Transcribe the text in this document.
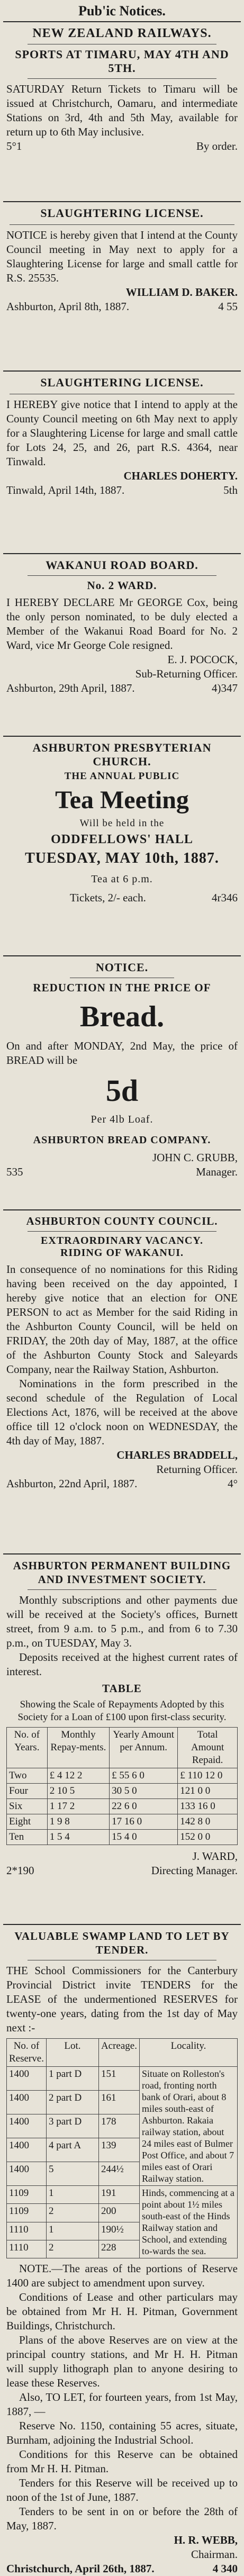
Pub'ic Notices.
NEW ZEALAND RAILWAYS.
SPORTS AT TIMARU, MAY 4TH AND 5TH.

SATURDAY Return Tickets to Timaru will be issued at Christchurch, Oamaru, and intermediate Stations on 3rd, 4th and 5th May, available for return up to 6th May inclusive.

5°1	By order.
SLAUGHTERING LICENSE.

NOTICE is hereby given that I intend at the County Council meeting in May next to apply for a Slaughtering License for large and small cattle for R.S. 25535.

WILLIAM D. BAKER.
Ashburton, April 8th, 1887.	4 55
SLAUGHTERING LICENSE.

I HEREBY give notice that I intend to apply at the County Council meeting on 6th May next to apply for a Slaughtering License for large and small cattle for Lots 24, 25, and 26, part R.S. 4364, near Tinwald.

CHARLES DOHERTY.
Tinwald, April 14th, 1887.	5th
WAKANUI ROAD BOARD.
No. 2 WARD.

I HEREBY DECLARE Mr GEORGE Cox, being the only person nominated, to be duly elected a Member of the Wakanui Road Board for No. 2 Ward, vice Mr George Cole resigned.

E. J. POCOCK,
Sub-Returning Officer.
Ashburton, 29th April, 1887.	4)347
ASHBURTON PRESBYTERIAN CHURCH.
THE ANNUAL PUBLIC
Tea Meeting
Will be held in the
ODDFELLOWS' HALL
TUESDAY, MAY 10th, 1887.
Tea at 6 p.m.
Tickets, 2/- each.	4r346
NOTICE.
REDUCTION IN THE PRICE OF
Bread.

On and after MONDAY, 2nd May, the price of BREAD will be

5d
Per 4lb Loaf.
ASHBURTON BREAD COMPANY.
JOHN C. GRUBB,
535	Manager.
ASHBURTON COUNTY COUNCIL.
EXTRAORDINARY VACANCY.
RIDING OF WAKANUI.

In consequence of no nominations for this Riding having been received on the day appointed, I hereby give notice that an election for ONE PERSON to act as Member for the said Riding in the Ashburton County Council, will be held on FRIDAY, the 20th day of May, 1887, at the office of the Ashburton County Stock and Saleyards Company, near the Railway Station, Ashburton.

Nominations in the form prescribed in the second schedule of the Regulation of Local Elections Act, 1876, will be received at the above office till 12 o'clock noon on WEDNESDAY, the 4th day of May, 1887.

CHARLES BRADDELL,
Returning Officer.
Ashburton, 22nd April, 1887.	4°
ASHBURTON PERMANENT BUILDING AND INVESTMENT SOCIETY.

Monthly subscriptions and other payments due will be received at the Society's offices, Burnett street, from 9 a.m. to 5 p.m., and from 6 to 7.30 p.m., on TUESDAY, May 3.

Deposits received at the highest current rates of interest.

TABLE

Showing the Scale of Repayments Adopted by this Society for a Loan of £100 upon first-class security.

No. of Years.	Monthly Repay-ments.	Yearly Amount per Annum.	Total Amount Repaid.
Two	£ 4 12 2	£ 55 6 0	£ 110 12 0
Four	2 10 5	30 5 0	121 0 0
Six	1 17 2	22 6 0	133 16 0
Eight	1 9 8	17 16 0	142 8 0
Ten	1 5 4	15 4 0	152 0 0
J. WARD,
2*190	Directing Manager.
VALUABLE SWAMP LAND TO LET BY TENDER.

THE School Commissioners for the Canterbury Provincial District invite TENDERS for the LEASE of the undermentioned RESERVES for twenty-one years, dating from the 1st day of May next :-

No. of Reserve.	Lot.	Acreage.	Locality.
1400	1 part D	151	Situate on Rolleston's road, fronting north bank of Orari, about 8 miles south-east of Ashburton. Rakaia railway station, about 24 miles east of Bulmer Post Office, and about 7 miles east of Orari Railway station.
1400	2 part D	161	
1400	3 part D	178	
1400	4 part A	139	
1400	5	244½	
1109	1	191	Hinds, commencing at a point about 1½ miles south-east of the Hinds Railway station and School, and extending to-wards the sea.
1109	2	200	
1110	1	190½	
1110	2	228	

NOTE.—The areas of the portions of Reserve 1400 are subject to amendment upon survey.

Conditions of Lease and other particulars may be obtained from Mr H. H. Pitman, Government Buildings, Christchurch.

Plans of the above Reserves are on view at the principal country stations, and Mr H. H. Pitman will supply lithograph plan to anyone desiring to lease these Reserves.

Also, TO LET, for fourteen years, from 1st May, 1887, —

Reserve No. 1150, containing 55 acres, situate, Burnham, adjoining the Industrial School.

Conditions for this Reserve can be obtained from Mr H. H. Pitman.

Tenders for this Reserve will be received up to noon of the 1st of June, 1887.

Tenders to be sent in on or before the 28th of May, 1887.

H. R. WEBB,
Chairman.
Christchurch, April 26th, 1887.	4 340
